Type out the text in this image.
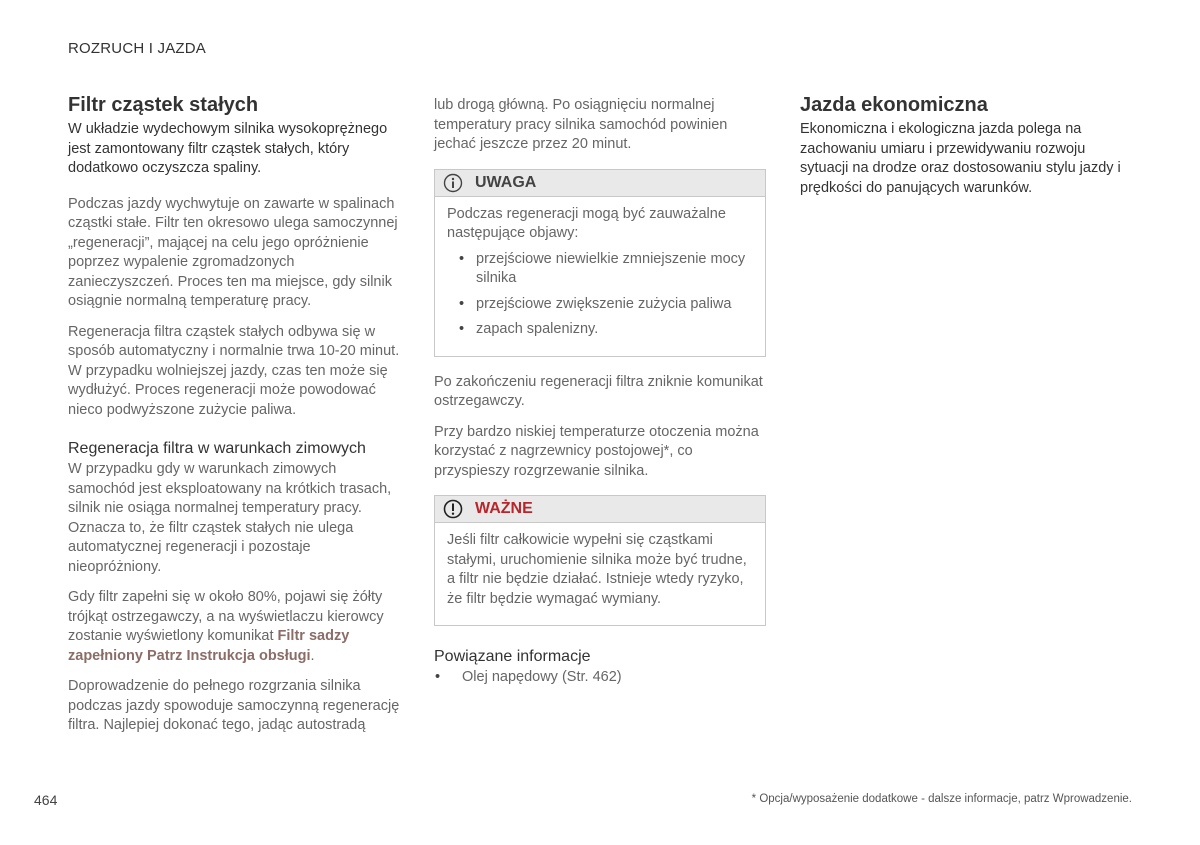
ROZRUCH I JAZDA
Filtr cząstek stałych

W układzie wydechowym silnika wysokoprężnego jest zamontowany filtr cząstek stałych, który dodatkowo oczyszcza spaliny.

Podczas jazdy wychwytuje on zawarte w spalinach cząstki stałe. Filtr ten okresowo ulega samoczynnej „regeneracji”, mającej na celu jego opróżnienie poprzez wypalenie zgromadzonych zanieczyszczeń. Proces ten ma miejsce, gdy silnik osiągnie normalną temperaturę pracy.

Regeneracja filtra cząstek stałych odbywa się w sposób automatyczny i normalnie trwa 10-20 minut. W przypadku wolniejszej jazdy, czas ten może się wydłużyć. Proces regeneracji może powodować nieco podwyższone zużycie paliwa.

Regeneracja filtra w warunkach zimowych

W przypadku gdy w warunkach zimowych samochód jest eksploatowany na krótkich trasach, silnik nie osiąga normalnej temperatury pracy. Oznacza to, że filtr cząstek stałych nie ulega automatycznej regeneracji i pozostaje nieopróżniony.

Gdy filtr zapełni się w około 80%, pojawi się żółty trójkąt ostrzegawczy, a na wyświetlaczu kierowcy zostanie wyświetlony komunikat Filtr sadzy zapełniony Patrz Instrukcja obsługi.

Doprowadzenie do pełnego rozgrzania silnika podczas jazdy spowoduje samoczynną regenerację filtra. Najlepiej dokonać tego, jadąc autostradą

lub drogą główną. Po osiągnięciu normalnej temperatury pracy silnika samochód powinien jechać jeszcze przez 20 minut.

UWAGA

Podczas regeneracji mogą być zauważalne następujące objawy:

• przejściowe niewielkie zmniejszenie mocy silnika
• przejściowe zwiększenie zużycia paliwa
• zapach spalenizny.

Po zakończeniu regeneracji filtra zniknie komunikat ostrzegawczy.

Przy bardzo niskiej temperaturze otoczenia można korzystać z nagrzewnicy postojowej*, co przyspieszy rozgrzewanie silnika.

WAŻNE

Jeśli filtr całkowicie wypełni się cząstkami stałymi, uruchomienie silnika może być trudne, a filtr nie będzie działać. Istnieje wtedy ryzyko, że filtr będzie wymagać wymiany.

Powiązane informacje
• Olej napędowy (Str. 462)
Jazda ekonomiczna

Ekonomiczna i ekologiczna jazda polega na zachowaniu umiaru i przewidywaniu rozwoju sytuacji na drodze oraz dostosowaniu stylu jazdy i prędkości do panujących warunków.

464	* Opcja/wyposażenie dodatkowe - dalsze informacje, patrz Wprowadzenie.
